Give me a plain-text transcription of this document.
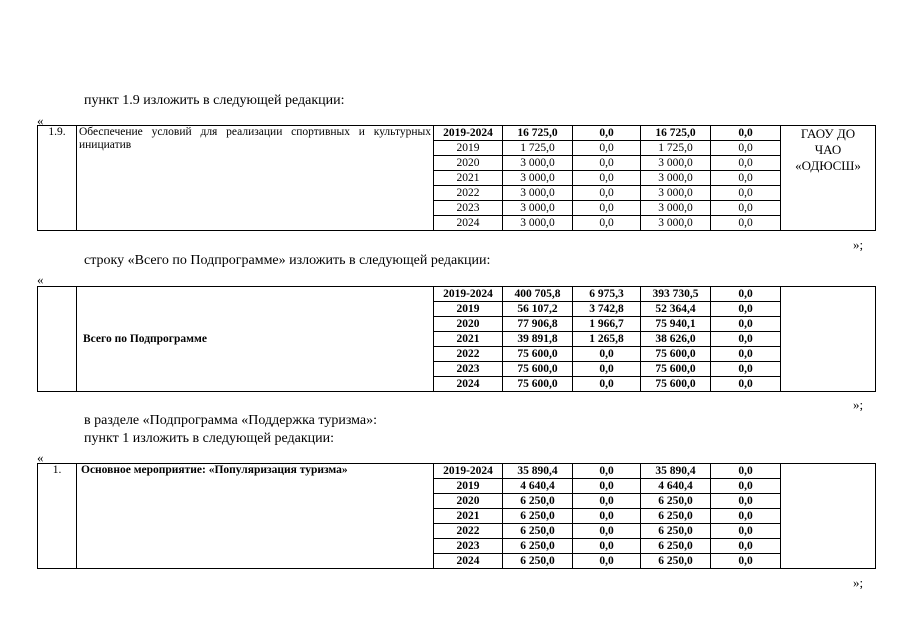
пункт 1.9 изложить в следующей редакции:
«
1.9.	Обеспечение условий для реализации спортивных и культурных инициатив	2019-2024	16 725,0	0,0	16 725,0	0,0	ГАОУ ДО ЧАО «ОДЮСШ»
		2019	1 725,0	0,0	1 725,0	0,0	
		2020	3 000,0	0,0	3 000,0	0,0	
		2021	3 000,0	0,0	3 000,0	0,0	
		2022	3 000,0	0,0	3 000,0	0,0	
		2023	3 000,0	0,0	3 000,0	0,0	
		2024	3 000,0	0,0	3 000,0	0,0	
»;
строку «Всего по Подпрограмме» изложить в следующей редакции:
«
	Всего по Подпрограмме	2019-2024	400 705,8	6 975,3	393 730,5	0,0	
		2019	56 107,2	3 742,8	52 364,4	0,0	
		2020	77 906,8	1 966,7	75 940,1	0,0	
		2021	39 891,8	1 265,8	38 626,0	0,0	
		2022	75 600,0	0,0	75 600,0	0,0	
		2023	75 600,0	0,0	75 600,0	0,0	
		2024	75 600,0	0,0	75 600,0	0,0	
»;
в разделе «Подпрограмма «Поддержка туризма»:
пункт 1 изложить в следующей редакции:
«
1.	Основное мероприятие: «Популяризация туризма»	2019-2024	35 890,4	0,0	35 890,4	0,0	
		2019	4 640,4	0,0	4 640,4	0,0	
		2020	6 250,0	0,0	6 250,0	0,0	
		2021	6 250,0	0,0	6 250,0	0,0	
		2022	6 250,0	0,0	6 250,0	0,0	
		2023	6 250,0	0,0	6 250,0	0,0	
		2024	6 250,0	0,0	6 250,0	0,0	
»;
